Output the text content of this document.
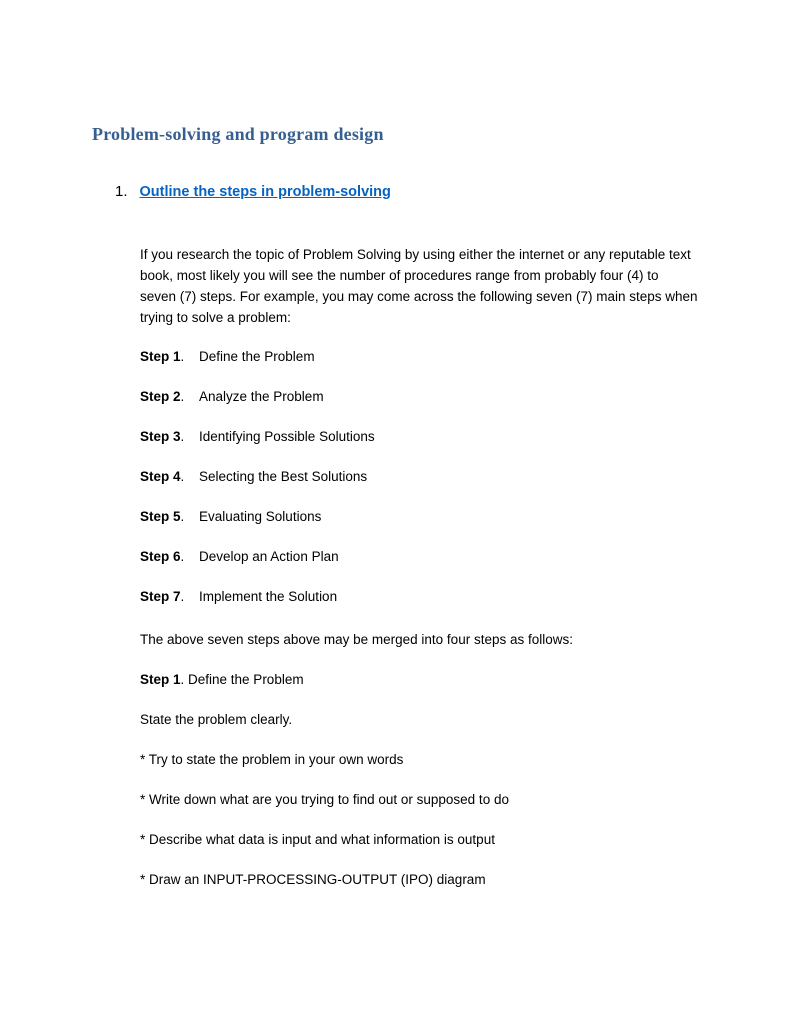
Problem-solving and program design
1. Outline the steps in problem-solving

If you research the topic of Problem Solving by using either the internet or any reputable text book, most likely you will see the number of procedures range from probably four (4) to seven (7) steps. For example, you may come across the following seven (7) main steps when trying to solve a problem:

Step 1. Define the Problem
Step 2. Analyze the Problem
Step 3. Identifying Possible Solutions
Step 4. Selecting the Best Solutions
Step 5. Evaluating Solutions
Step 6. Develop an Action Plan
Step 7. Implement the Solution

The above seven steps above may be merged into four steps as follows:

Step 1. Define the Problem

State the problem clearly.

* Try to state the problem in your own words

* Write down what are you trying to find out or supposed to do

* Describe what data is input and what information is output

* Draw an INPUT-PROCESSING-OUTPUT (IPO) diagram
